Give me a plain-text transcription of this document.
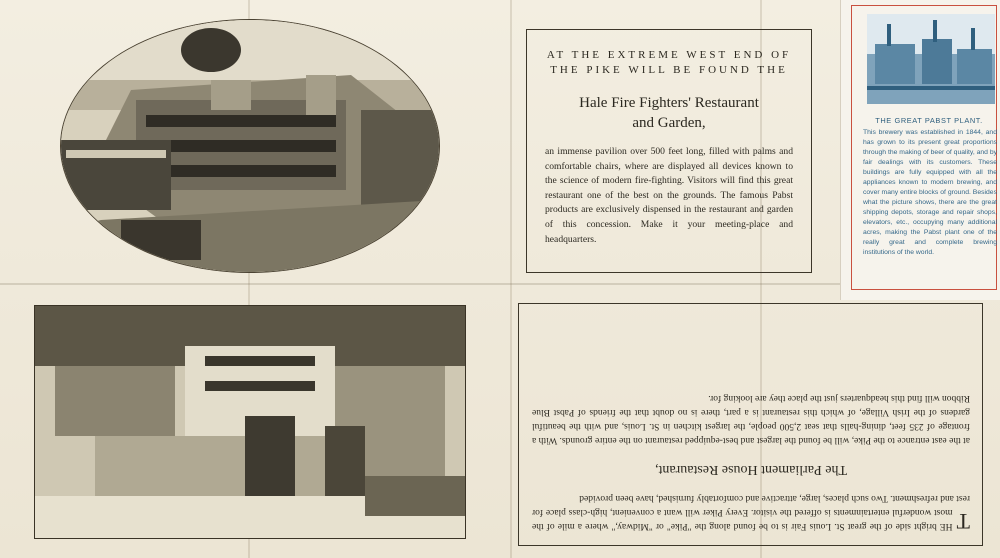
AT THE EXTREME WEST END OF THE PIKE WILL BE FOUND THE

Hale Fire Fighters' Restaurant
and Garden,

an immense pavilion over 500 feet long, filled with palms and comfortable chairs, where are displayed all devices known to the science of modern fire-fighting. Visitors will find this great restaurant one of the best on the grounds. The famous Pabst products are exclusively dispensed in the restaurant and garden of this concession. Make it your meeting-place and headquarters.

THE GREAT PABST PLANT.
This brewery was established in 1844, and has grown to its present great proportions through the making of beer of quality, and by fair dealings with its customers. These buildings are fully equipped with all the appliances known to modern brewing, and cover many entire blocks of ground. Besides what the picture shows, there are the great shipping depots, storage and repair shops, elevators, etc., occupying many additional acres, making the Pabst plant one of the really great and complete brewing institutions of the world.

T
HE bright side of the great St. Louis Fair is to be found along the "Pike" or "Midway," where a mile of the most wonderful entertainments is offered the visitor. Every Piker will want a convenient, high-class place for rest and refreshment. Two such places, large, attractive and comfortably furnished, have been provided

The Parliament House Restaurant,

at the east entrance to the Pike, will be found the largest and best-equipped restaurant on the entire grounds. With a frontage of 235 feet, dining-halls that seat 2,500 people, the largest kitchen in St. Louis, and with the beautiful gardens of the Irish Village, of which this restaurant is a part, there is no doubt that the friends of Pabst Blue Ribbon will find this headquarters just the place they are looking for.
